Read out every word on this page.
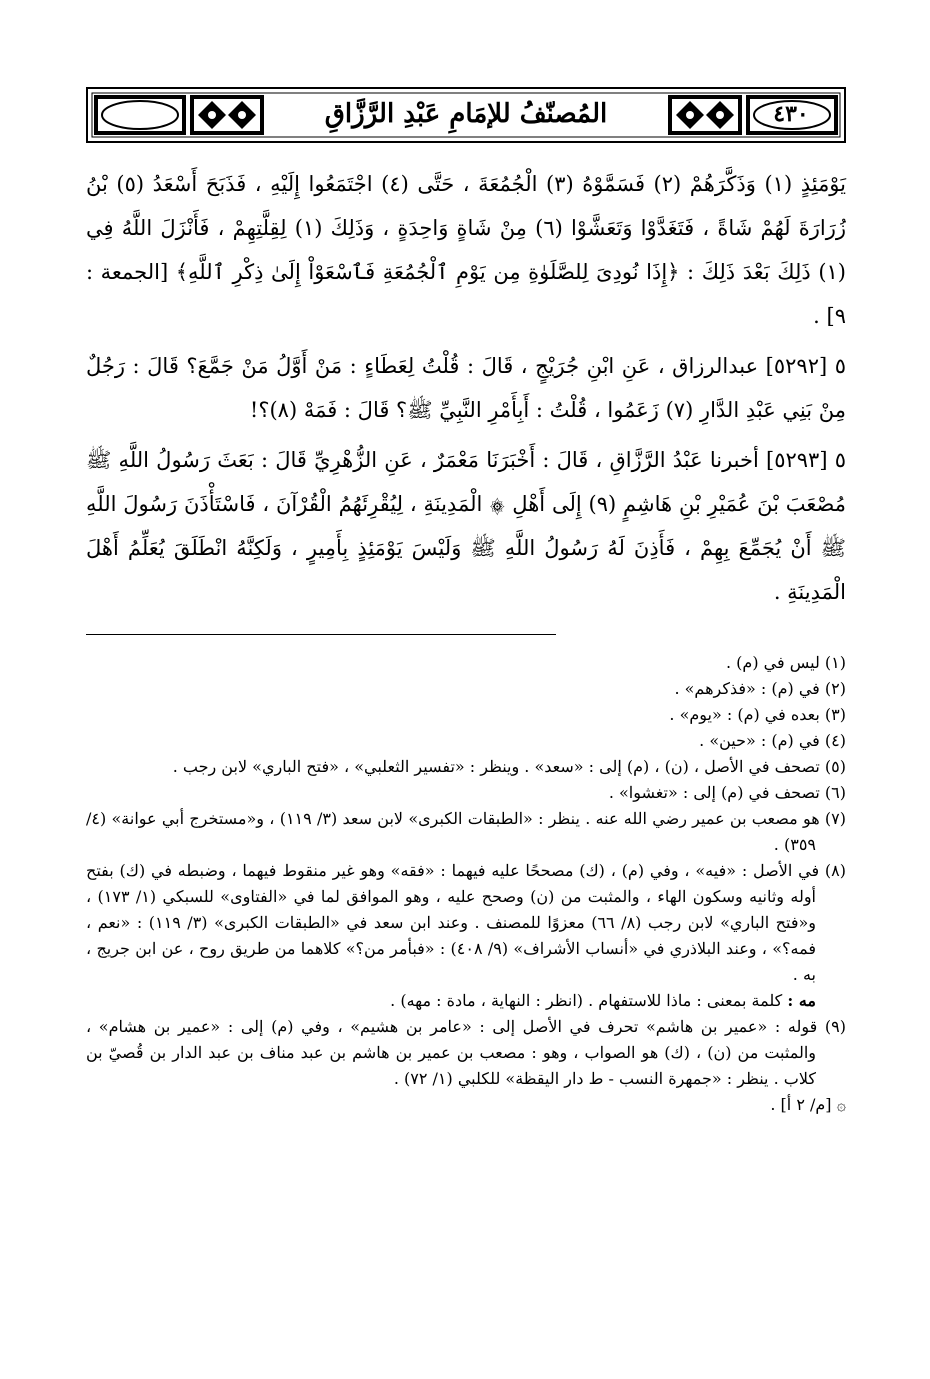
المُصنّفُ للإمَامِ عَبْدِ الرَّزَّاقِ	٤٣٠

يَوْمَئِذٍ (١) وَذَكَّرَهُمْ (٢) فَسَمَّوْهُ (٣) الْجُمُعَةَ ، حَتَّى (٤) اجْتَمَعُوا إِلَيْهِ ، فَذَبَحَ أَسْعَدُ (٥) بْنُ زُرَارَةَ لَهُمْ شَاةً ، فَتَغَدَّوْا وَتَعَشَّوْا (٦) مِنْ شَاةٍ وَاحِدَةٍ ، وَذَلِكَ (١) لِقِلَّتِهِمْ ، فَأَنْزَلَ اللَّهُ فِي (١) ذَلِكَ بَعْدَ ذَلِكَ : ﴿إِذَا نُودِىَ لِلصَّلَوٰةِ مِن يَوْمِ ٱلْجُمُعَةِ فَٱسْعَوْاْ إِلَىٰ ذِكْرِ ٱللَّهِ﴾ [الجمعة : ٩] .

٥ [٥٢٩٢] عبدالرزاق ، عَنِ ابْنِ جُرَيْجٍ ، قَالَ : قُلْتُ لِعَطَاءٍ : مَنْ أَوَّلُ مَنْ جَمَّعَ؟ قَالَ : رَجُلٌ مِنْ بَنِي عَبْدِ الدَّارِ (٧) زَعَمُوا ، قُلْتُ : أَبِأَمْرِ النَّبِيِّ ﷺ؟ قَالَ : فَمَهْ (٨)؟!

٥ [٥٢٩٣] أخبرنا عَبْدُ الرَّزَّاقِ ، قَالَ : أَخْبَرَنَا مَعْمَرٌ ، عَنِ الزُّهْرِيِّ قَالَ : بَعَثَ رَسُولُ اللَّهِ ﷺ مُصْعَبَ بْنَ عُمَيْرِ بْنِ هَاشِمٍ (٩) إِلَى أَهْلِ ۞ الْمَدِينَةِ ، لِيُقْرِئَهُمُ الْقُرْآنَ ، فَاسْتَأْذَنَ رَسُولَ اللَّهِ ﷺ أَنْ يُجَمِّعَ بِهِمْ ، فَأَذِنَ لَهُ رَسُولُ اللَّهِ ﷺ وَلَيْسَ يَوْمَئِذٍ بِأَمِيرٍ ، وَلَكِنَّهُ انْطَلَقَ يُعَلِّمُ أَهْلَ الْمَدِينَةِ .

(١) ليس في (م) .

(٢) في (م) : «فذكرهم» .

(٣) بعده في (م) : «يوم» .

(٤) في (م) : «حين» .

(٥) تصحف في الأصل ، (ن) ، (م) إلى : «سعد» . وينظر : «تفسير الثعلبي» ، «فتح الباري» لابن رجب .

(٦) تصحف في (م) إلى : «تغشوا» .

(٧) هو مصعب بن عمير رضي الله عنه . ينظر : «الطبقات الكبرى» لابن سعد (٣/ ١١٩) ، و«مستخرج أبي عوانة» (٤/ ٣٥٩) .

(٨) في الأصل : «فيه» ، وفي (م) ، (ك) مصححًا عليه فيهما : «فقه» وهو غير منقوط فيهما ، وضبطه في (ك) بفتح أوله وثانيه وسكون الهاء ، والمثبت من (ن) وصحح عليه ، وهو الموافق لما في «الفتاوى» للسبكي (١/ ١٧٣) ، و«فتح الباري» لابن رجب (٨/ ٦٦) معزوًا للمصنف . وعند ابن سعد في «الطبقات الكبرى» (٣/ ١١٩) : «نعم ، فمه؟» ، وعند البلاذري في «أنساب الأشراف» (٩/ ٤٠٨) : «فبأمر من؟» كلاهما من طريق روح ، عن ابن جريج ، به .

مه : كلمة بمعنى : ماذا للاستفهام . (انظر : النهاية ، مادة : مهه) .

(٩) قوله : «عمير بن هاشم» تحرف في الأصل إلى : «عامر بن هشيم» ، وفي (م) إلى : «عمير بن هشام» ، والمثبت من (ن) ، (ك) هو الصواب ، وهو : مصعب بن عمير بن هاشم بن عبد مناف بن عبد الدار بن قُصيّ بن كلاب . ينظر : «جمهرة النسب - ط دار اليقظة» للكلبي (١/ ٧٢) .

۞ [م/ ٢ أ] .
